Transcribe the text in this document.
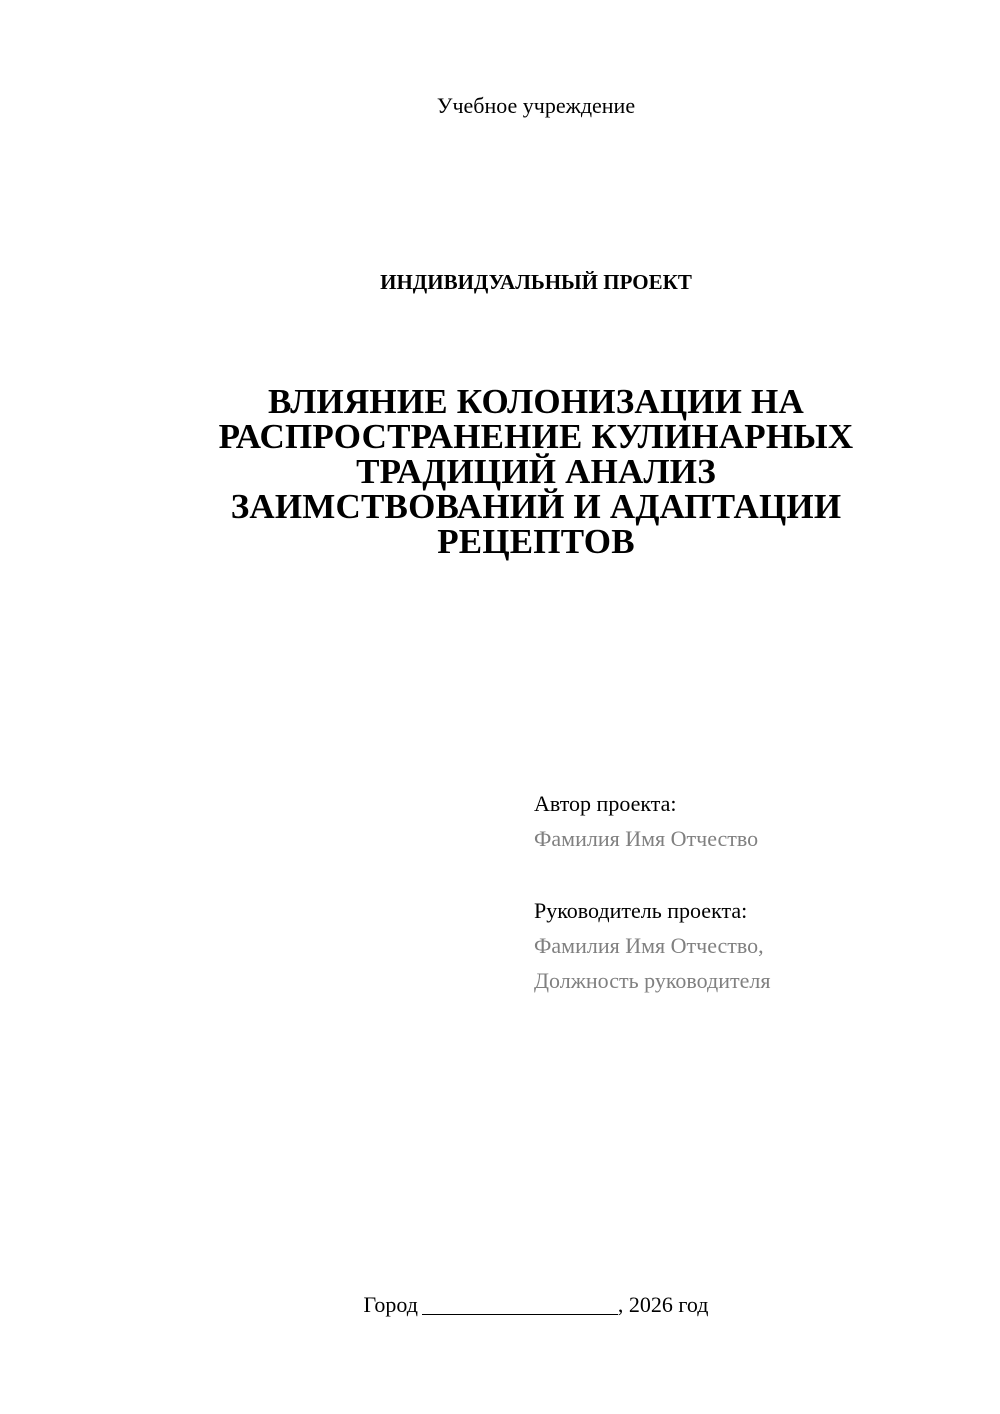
Учебное учреждение
ИНДИВИДУАЛЬНЫЙ ПРОЕКТ
ВЛИЯНИЕ КОЛОНИЗАЦИИ НА
РАСПРОСТРАНЕНИЕ КУЛИНАРНЫХ
ТРАДИЦИЙ АНАЛИЗ
ЗАИМСТВОВАНИЙ И АДАПТАЦИИ
РЕЦЕПТОВ
Автор проекта:
Фамилия Имя Отчество
Руководитель проекта:
Фамилия Имя Отчество,
Должность руководителя
Город	, 2026 год
